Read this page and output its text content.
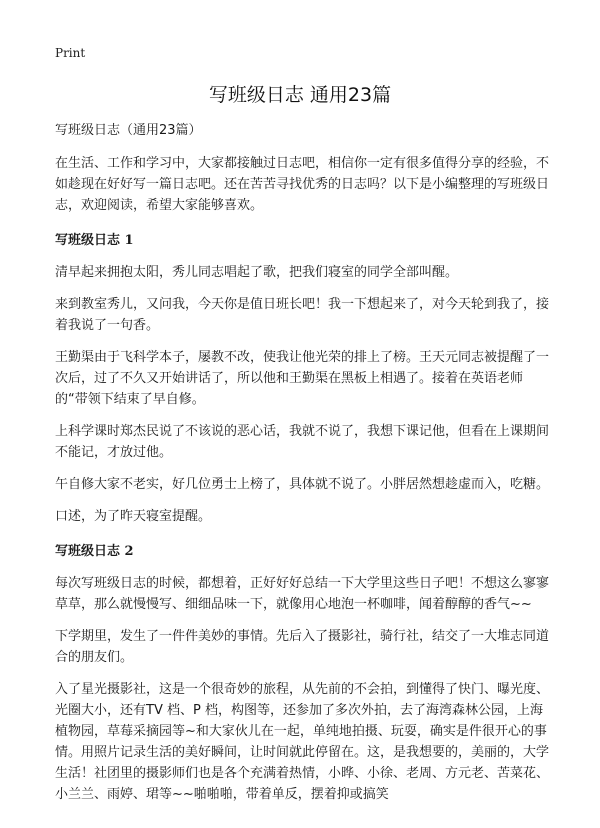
Print
写班级日志 通用23篇

写班级日志（通用23篇）

在生活、工作和学习中，大家都接触过日志吧，相信你一定有很多值得分享的经验，不如趁现在好好写一篇日志吧。还在苦苦寻找优秀的日志吗？以下是小编整理的写班级日志，欢迎阅读，希望大家能够喜欢。

写班级日志 1

清早起来拥抱太阳，秀儿同志唱起了歌，把我们寝室的同学全部叫醒。

来到教室秀儿，又问我，今天你是值日班长吧！我一下想起来了，对今天轮到我了，接着我说了一句香。

王勤渠由于飞科学本子，屡教不改，使我让他光荣的排上了榜。王天元同志被提醒了一次后，过了不久又开始讲话了，所以他和王勤渠在黑板上相遇了。接着在英语老师的“带领下结束了早自修。

上科学课时郑杰民说了不该说的恶心话，我就不说了，我想下课记他，但看在上课期间不能记，才放过他。

午自修大家不老实，好几位勇士上榜了，具体就不说了。小胖居然想趁虚而入，吃糖。

口述，为了昨天寝室提醒。

写班级日志 2

每次写班级日志的时候，都想着，正好好好总结一下大学里这些日子吧！不想这么寥寥草草，那么就慢慢写、细细品味一下，就像用心地泡一杯咖啡，闻着醇醇的香气~~

下学期里，发生了一件件美妙的事情。先后入了摄影社，骑行社，结交了一大堆志同道合的朋友们。

入了星光摄影社，这是一个很奇妙的旅程，从先前的不会拍，到懂得了快门、曝光度、光圈大小，还有TV 档、P 档，构图等，还参加了多次外拍，去了海湾森林公园，上海植物园，草莓采摘园等~和大家伙儿在一起，单纯地拍摄、玩耍，确实是件很开心的事情。用照片记录生活的美好瞬间，让时间就此停留在。这，是我想要的，美丽的，大学生活！社团里的摄影师们也是各个充满着热情，小晔、小徐、老周、方元老、苦菜花、小兰兰、雨婷、珺等~~啪啪啪，带着单反，摆着抑或搞笑
